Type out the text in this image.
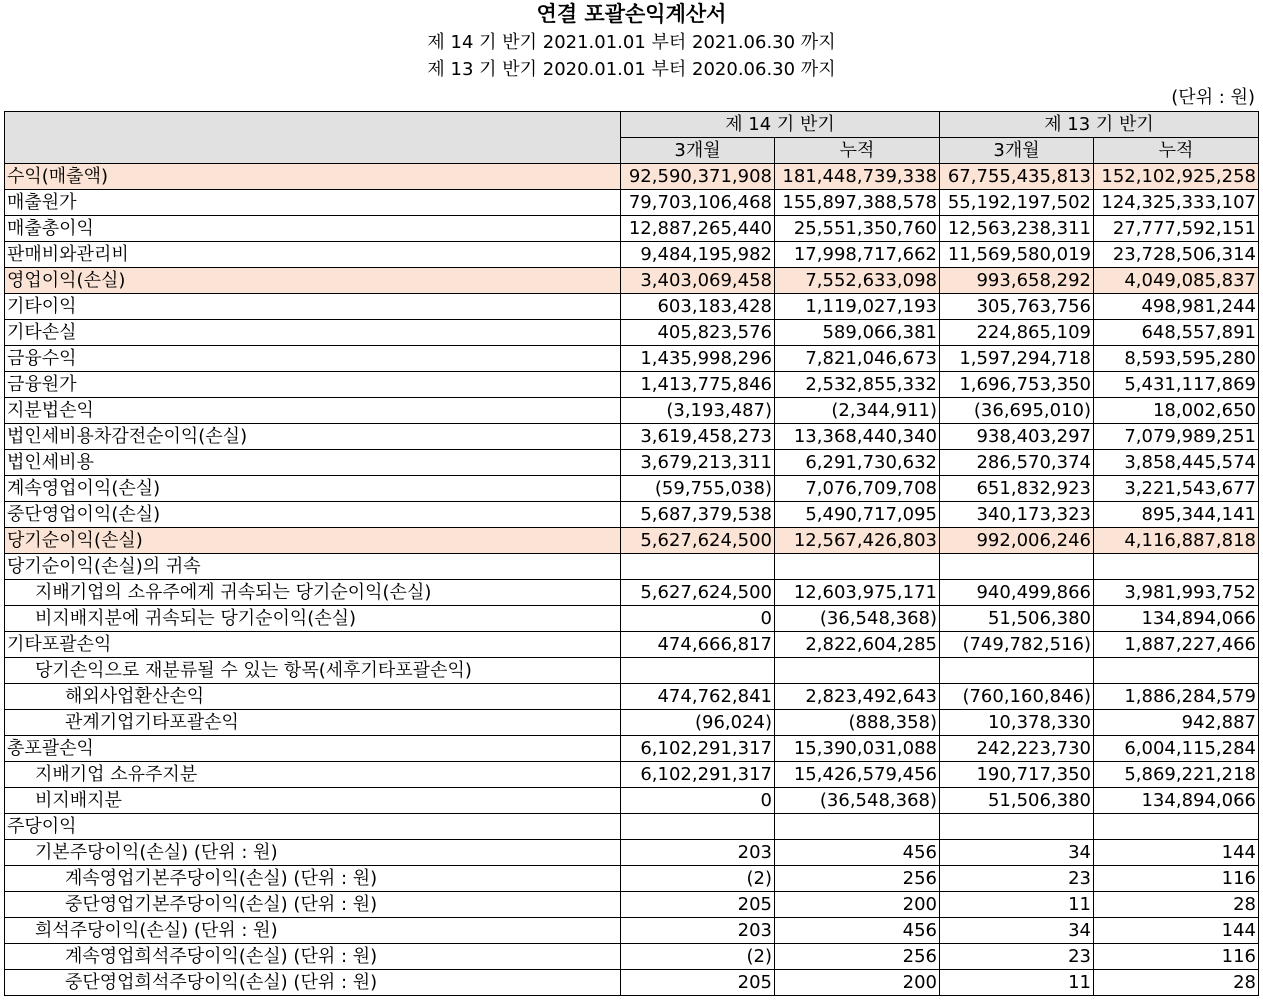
연결 포괄손익계산서
제 14 기 반기 2021.01.01 부터 2021.06.30 까지
제 13 기 반기 2020.01.01 부터 2020.06.30 까지
(단위 : 원)
	제 14 기 반기		제 13 기 반기	
	3개월	누적	3개월	누적
수익(매출액)	92,590,371,908	181,448,739,338	67,755,435,813	152,102,925,258
매출원가	79,703,106,468	155,897,388,578	55,192,197,502	124,325,333,107
매출총이익	12,887,265,440	25,551,350,760	12,563,238,311	27,777,592,151
판매비와관리비	9,484,195,982	17,998,717,662	11,569,580,019	23,728,506,314
영업이익(손실)	3,403,069,458	7,552,633,098	993,658,292	4,049,085,837
기타이익	603,183,428	1,119,027,193	305,763,756	498,981,244
기타손실	405,823,576	589,066,381	224,865,109	648,557,891
금융수익	1,435,998,296	7,821,046,673	1,597,294,718	8,593,595,280
금융원가	1,413,775,846	2,532,855,332	1,696,753,350	5,431,117,869
지분법손익	(3,193,487)	(2,344,911)	(36,695,010)	18,002,650
법인세비용차감전순이익(손실)	3,619,458,273	13,368,440,340	938,403,297	7,079,989,251
법인세비용	3,679,213,311	6,291,730,632	286,570,374	3,858,445,574
계속영업이익(손실)	(59,755,038)	7,076,709,708	651,832,923	3,221,543,677
중단영업이익(손실)	5,687,379,538	5,490,717,095	340,173,323	895,344,141
당기순이익(손실)	5,627,624,500	12,567,426,803	992,006,246	4,116,887,818
당기순이익(손실)의 귀속				
지배기업의 소유주에게 귀속되는 당기순이익(손실)	5,627,624,500	12,603,975,171	940,499,866	3,981,993,752
비지배지분에 귀속되는 당기순이익(손실)	0	(36,548,368)	51,506,380	134,894,066
기타포괄손익	474,666,817	2,822,604,285	(749,782,516)	1,887,227,466
당기손익으로 재분류될 수 있는 항목(세후기타포괄손익)				
해외사업환산손익	474,762,841	2,823,492,643	(760,160,846)	1,886,284,579
관계기업기타포괄손익	(96,024)	(888,358)	10,378,330	942,887
총포괄손익	6,102,291,317	15,390,031,088	242,223,730	6,004,115,284
지배기업 소유주지분	6,102,291,317	15,426,579,456	190,717,350	5,869,221,218
비지배지분	0	(36,548,368)	51,506,380	134,894,066
주당이익				
기본주당이익(손실) (단위 : 원)	203	456	34	144
계속영업기본주당이익(손실) (단위 : 원)	(2)	256	23	116
중단영업기본주당이익(손실) (단위 : 원)	205	200	11	28
희석주당이익(손실) (단위 : 원)	203	456	34	144
계속영업희석주당이익(손실) (단위 : 원)	(2)	256	23	116
중단영업희석주당이익(손실) (단위 : 원)	205	200	11	28
